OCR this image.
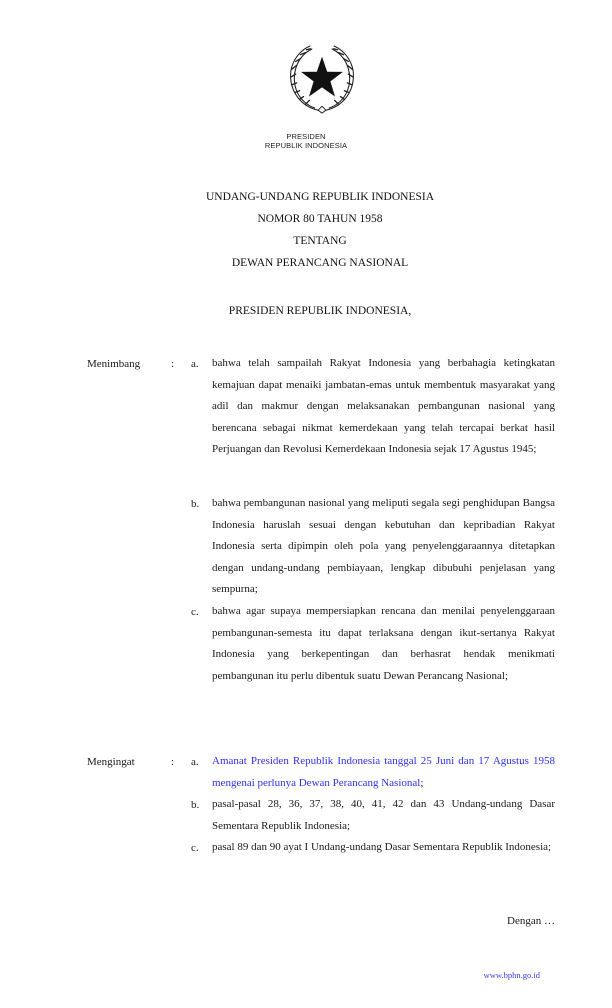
PRESIDEN
REPUBLIK INDONESIA
UNDANG-UNDANG REPUBLIK INDONESIA
NOMOR 80 TAHUN 1958
TENTANG
DEWAN PERANCANG NASIONAL
PRESIDEN REPUBLIK INDONESIA,
Menimbang	: a. bahwa telah sampailah Rakyat Indonesia yang berbahagia ketingkatan kemajuan dapat menaiki jambatan-emas untuk membentuk masyarakat yang adil dan makmur dengan melaksanakan pembangunan nasional yang berencana sebagai nikmat kemerdekaan yang telah tercapai berkat hasil Perjuangan dan Revolusi Kemerdekaan Indonesia sejak 17 Agustus 1945;
b. bahwa pembangunan nasional yang meliputi segala segi penghidupan Bangsa Indonesia haruslah sesuai dengan kebutuhan dan kepribadian Rakyat Indonesia serta dipimpin oleh pola yang penyelenggaraannya ditetapkan dengan undang-undang pembiayaan, lengkap dibubuhi penjelasan yang sempurna;
c. bahwa agar supaya mempersiapkan rencana dan menilai penyelenggaraan pembangunan-semesta itu dapat terlaksana dengan ikut-sertanya Rakyat Indonesia yang berkepentingan dan berhasrat hendak menikmati pembangunan itu perlu dibentuk suatu Dewan Perancang Nasional;
Mengingat	: a. Amanat Presiden Republik Indonesia tanggal 25 Juni dan 17 Agustus 1958 mengenai perlunya Dewan Perancang Nasional;
b. pasal-pasal 28, 36, 37, 38, 40, 41, 42 dan 43 Undang-undang Dasar Sementara Republik Indonesia;
c. pasal 89 dan 90 ayat I Undang-undang Dasar Sementara Republik Indonesia;
Dengan …
www.bphn.go.id
